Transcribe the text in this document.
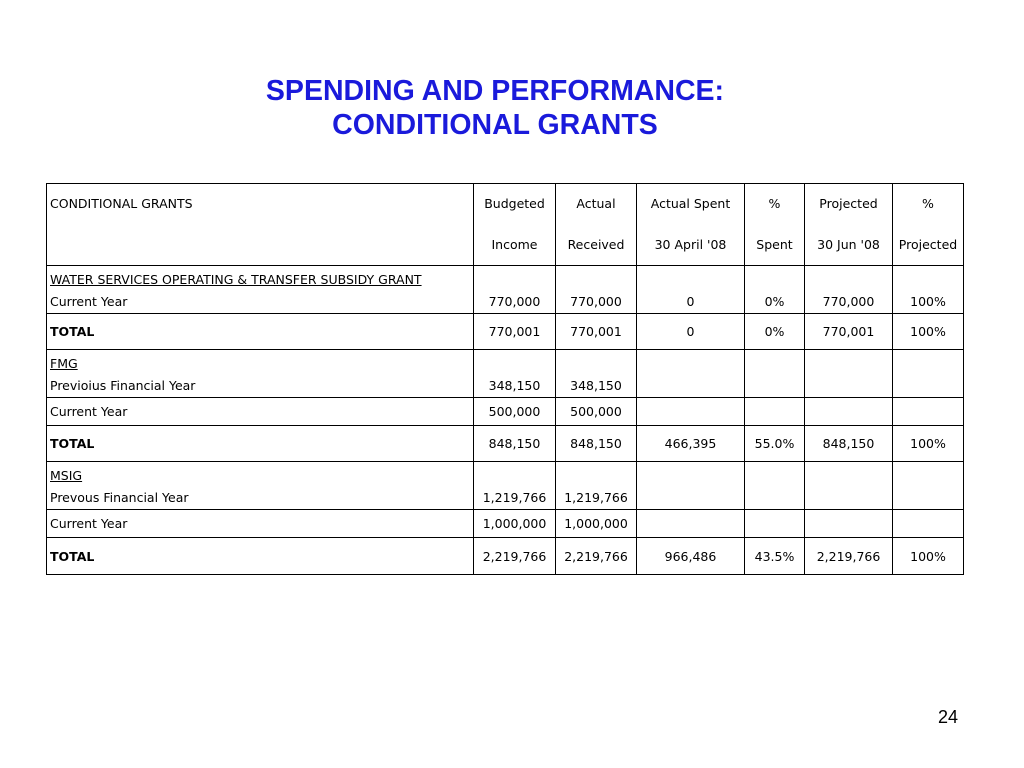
SPENDING AND PERFORMANCE:
CONDITIONAL GRANTS
CONDITIONAL GRANTS	Budgeted	Actual	Actual Spent	%	Projected	%
	Income	Received	30 April '08	Spent	30 Jun '08	Projected
WATER SERVICES OPERATING & TRANSFER SUBSIDY GRANT						
Current Year	770,000	770,000	0	0%	770,000	100%
TOTAL	770,001	770,001	0	0%	770,001	100%
FMG						
Previoius Financial Year	348,150	348,150				
Current Year	500,000	500,000				
TOTAL	848,150	848,150	466,395	55.0%	848,150	100%
MSIG						
Prevous Financial Year	1,219,766	1,219,766				
Current Year	1,000,000	1,000,000				
TOTAL	2,219,766	2,219,766	966,486	43.5%	2,219,766	100%
24
